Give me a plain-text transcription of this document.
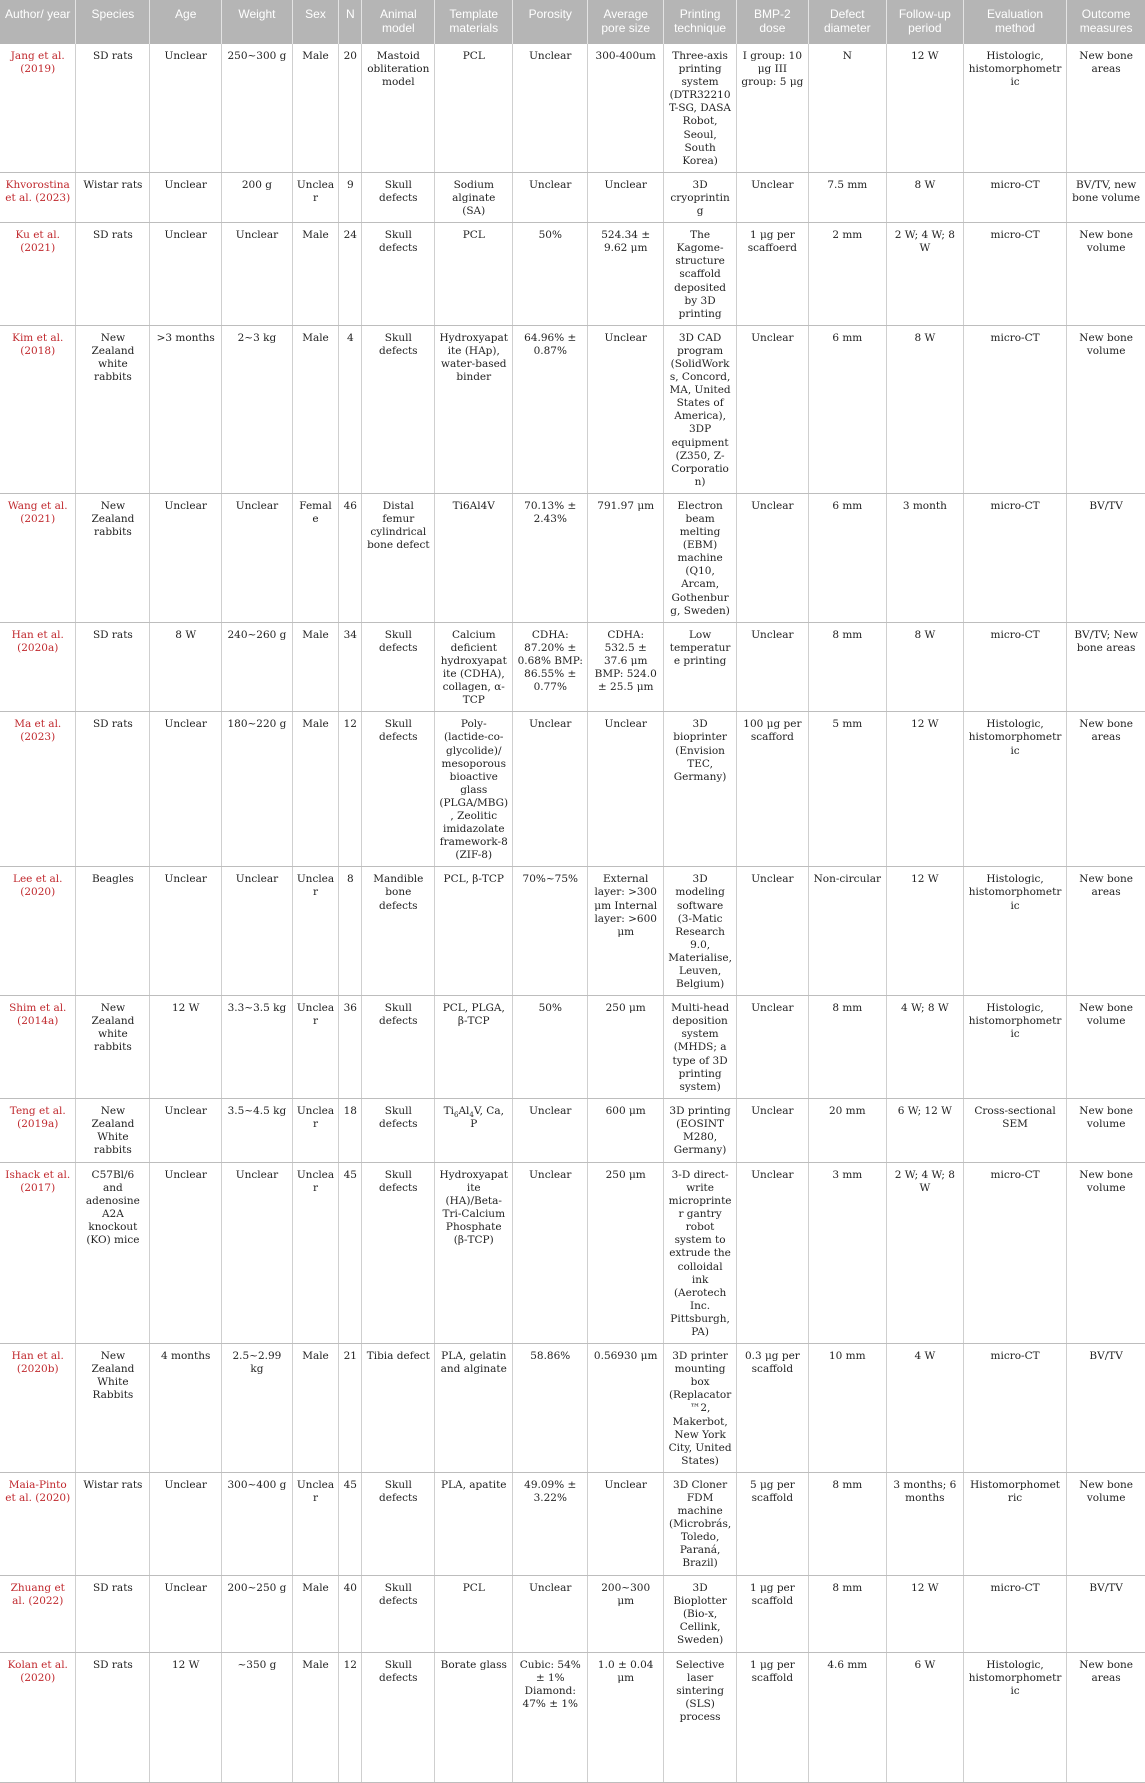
Author/ year	Species	Age	Weight	Sex	N	Animal model	Template materials	Porosity	Average pore size	Printing technique	BMP-2 dose	Defect diameter	Follow-up period	Evaluation method	Outcome measures
Jang et al. (2019)	SD rats	Unclear	250~300 g	Male	20	Mastoid obliteration model	PCL	Unclear	300-400um	Three-axis printing system (DTR32210 T-SG, DASA Robot, Seoul, South Korea)	I group: 10 μg III group: 5 μg	N	12 W	Histologic, histomorphometric	New bone areas
Khvorostina et al. (2023)	Wistar rats	Unclear	200 g	Unclear	9	Skull defects	Sodium alginate (SA)	Unclear	Unclear	3D cryoprinting	Unclear	7.5 mm	8 W	micro-CT	BV/TV, new bone volume
Ku et al. (2021)	SD rats	Unclear	Unclear	Male	24	Skull defects	PCL	50%	524.34 ± 9.62 μm	The Kagome-structure scaffold deposited by 3D printing	1 μg per scaffoerd	2 mm	2 W; 4 W; 8 W	micro-CT	New bone volume
Kim et al. (2018)	New Zealand white rabbits	>3 months	2~3 kg	Male	4	Skull defects	Hydroxyapatite (HAp), water-based binder	64.96% ± 0.87%	Unclear	3D CAD program (SolidWorks, Concord, MA, United States of America), 3DP equipment (Z350, Z-Corporation)	Unclear	6 mm	8 W	micro-CT	New bone volume
Wang et al. (2021)	New Zealand rabbits	Unclear	Unclear	Female	46	Distal femur cylindrical bone defect	Ti6Al4V	70.13% ± 2.43%	791.97 μm	Electron beam melting (EBM) machine (Q10, Arcam, Gothenburg, Sweden)	Unclear	6 mm	3 month	micro-CT	BV/TV
Han et al. (2020a)	SD rats	8 W	240~260 g	Male	34	Skull defects	Calcium deficient hydroxyapatite (CDHA), collagen, α-TCP	CDHA: 87.20% ± 0.68% BMP: 86.55% ± 0.77%	CDHA: 532.5 ± 37.6 μm BMP: 524.0 ± 25.5 μm	Low temperature printing	Unclear	8 mm	8 W	micro-CT	BV/TV; New bone areas
Ma et al. (2023)	SD rats	Unclear	180~220 g	Male	12	Skull defects	Poly-(lactide-co-glycolide)/ mesoporous bioactive glass (PLGA/MBG), Zeolitic imidazolate framework-8 (ZIF-8)	Unclear	Unclear	3D bioprinter (Envision TEC, Germany)	100 μg per scafford	5 mm	12 W	Histologic, histomorphometric	New bone areas
Lee et al. (2020)	Beagles	Unclear	Unclear	Unclear	8	Mandible bone defects	PCL, β-TCP	70%~75%	External layer: >300 μm Internal layer: >600 μm	3D modeling software (3-Matic Research 9.0, Materialise, Leuven, Belgium)	Unclear	Non-circular	12 W	Histologic, histomorphometric	New bone areas
Shim et al. (2014a)	New Zealand white rabbits	12 W	3.3~3.5 kg	Unclear	36	Skull defects	PCL, PLGA, β-TCP	50%	250 μm	Multi-head deposition system (MHDS; a type of 3D printing system)	Unclear	8 mm	4 W; 8 W	Histologic, histomorphometric	New bone volume
Teng et al. (2019a)	New Zealand White rabbits	Unclear	3.5~4.5 kg	Unclear	18	Skull defects	$Ti_6Al_4V$, Ca, P	Unclear	600 μm	3D printing (EOSINT M280, Germany)	Unclear	20 mm	6 W; 12 W	Cross-sectional SEM	New bone volume
Ishack et al. (2017)	C57Bl/6 and adenosine A2A knockout (KO) mice	Unclear	Unclear	Unclear	45	Skull defects	Hydroxyapatite (HA)/Beta-Tri-Calcium Phosphate (β-TCP)	Unclear	250 μm	3-D direct-write microprinter gantry robot system to extrude the colloidal ink (Aerotech Inc. Pittsburgh, PA)	Unclear	3 mm	2 W; 4 W; 8 W	micro-CT	New bone volume
Han et al. (2020b)	New Zealand White Rabbits	4 months	2.5~2.99 kg	Male	21	Tibia defect	PLA, gelatin and alginate	58.86%	0.56930 μm	3D printer mounting box (Replacator™2, Makerbot, New York City, United States)	0.3 μg per scaffold	10 mm	4 W	micro-CT	BV/TV
Maia-Pinto et al. (2020)	Wistar rats	Unclear	300~400 g	Unclear	45	Skull defects	PLA, apatite	49.09% ± 3.22%	Unclear	3D Cloner FDM machine (Microbrás, Toledo, Paraná, Brazil)	5 μg per scaffold	8 mm	3 months; 6 months	Histomorphometric	New bone volume
Zhuang et al. (2022)	SD rats	Unclear	200~250 g	Male	40	Skull defects	PCL	Unclear	200~300 μm	3D Bioplotter (Bio-x, Cellink, Sweden)	1 μg per scaffold	8 mm	12 W	micro-CT	BV/TV
Kolan et al. (2020)	SD rats	12 W	~350 g	Male	12	Skull defects	Borate glass	Cubic: 54% ± 1% Diamond: 47% ± 1%	1.0 ± 0.04 μm	Selective laser sintering (SLS) process	1 μg per scaffold	4.6 mm	6 W	Histologic, histomorphometric	New bone areas
